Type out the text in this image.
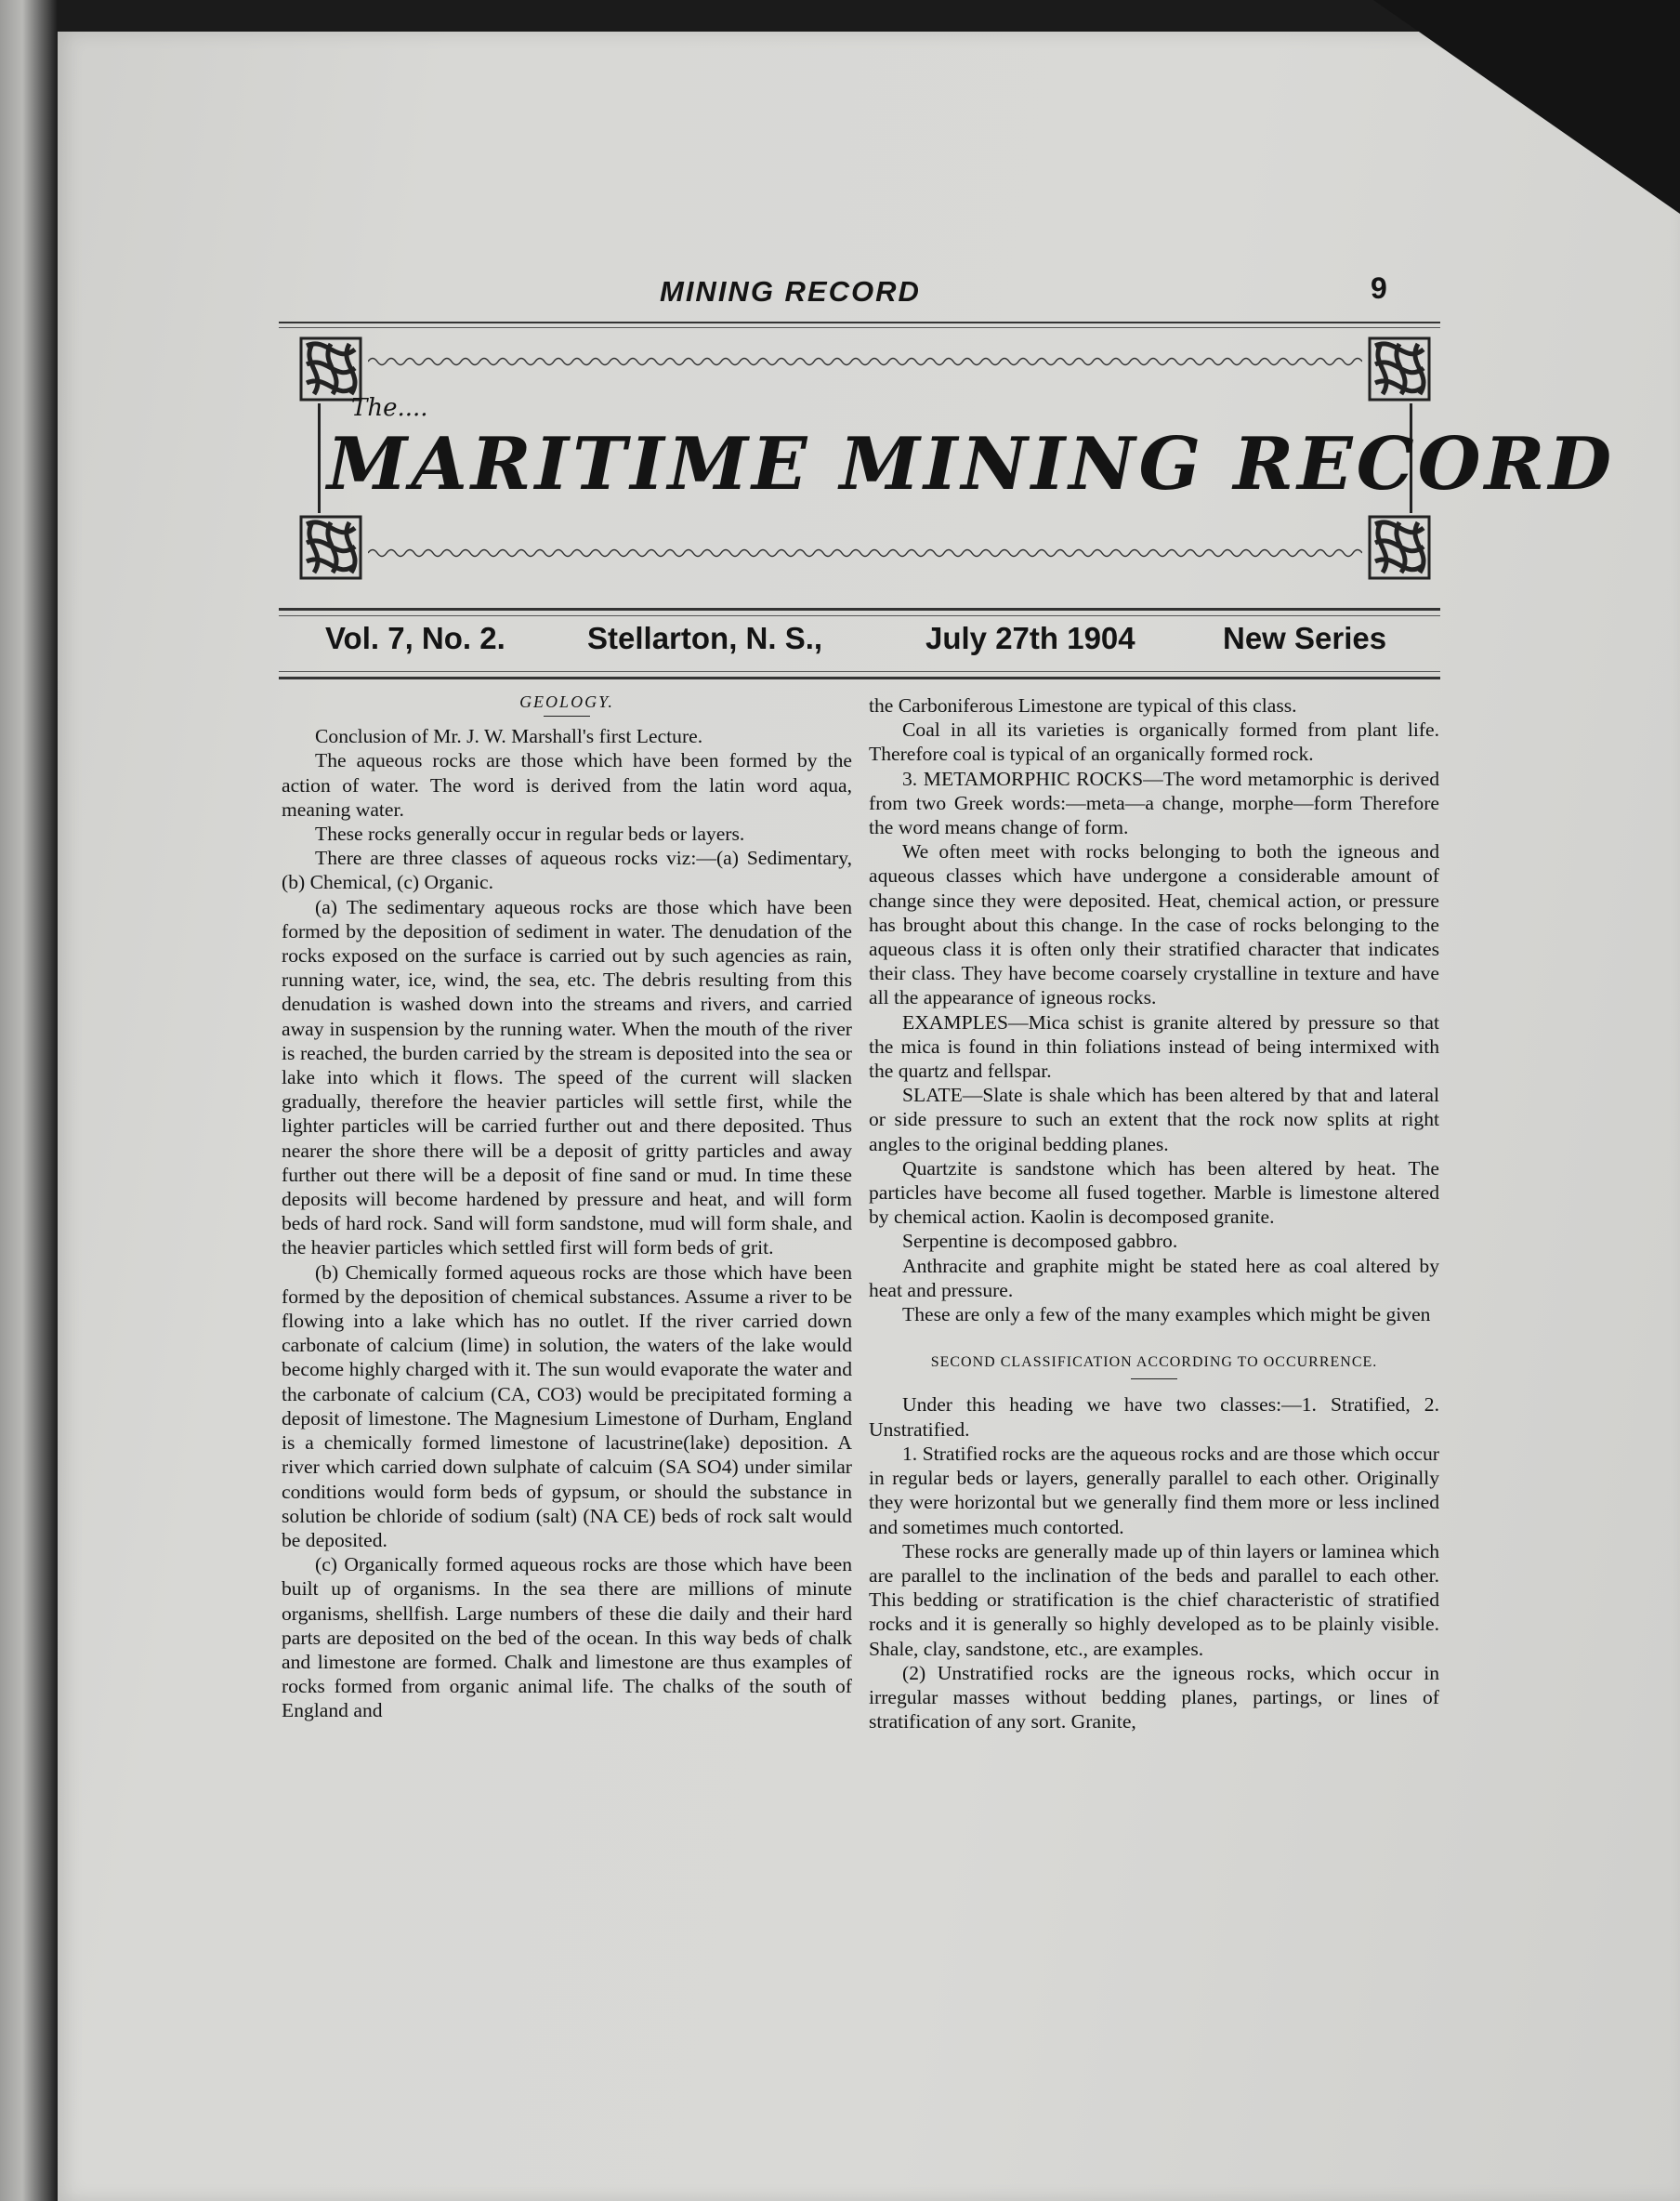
MINING RECORD	9
The....
MARITIME MINING RECORD
Vol. 7, No. 2.	Stellarton, N. S.,	July 27th 1904	New Series

GEOLOGY.

Conclusion of Mr. J. W. Marshall's first Lecture.

The aqueous rocks are those which have been formed by the action of water. The word is derived from the latin word aqua, meaning water.

These rocks generally occur in regular beds or layers.

There are three classes of aqueous rocks viz:—(a) Sedimentary, (b) Chemical, (c) Organic.

(a) The sedimentary aqueous rocks are those which have been formed by the deposition of sediment in water. The denudation of the rocks exposed on the surface is carried out by such agencies as rain, running water, ice, wind, the sea, etc. The debris resulting from this denudation is washed down into the streams and rivers, and carried away in suspension by the running water. When the mouth of the river is reached, the burden carried by the stream is deposited into the sea or lake into which it flows. The speed of the current will slacken gradually, therefore the heavier particles will settle first, while the lighter particles will be carried further out and there deposited. Thus nearer the shore there will be a deposit of gritty particles and away further out there will be a deposit of fine sand or mud. In time these deposits will become hardened by pressure and heat, and will form beds of hard rock. Sand will form sandstone, mud will form shale, and the heavier particles which settled first will form beds of grit.

(b) Chemically formed aqueous rocks are those which have been formed by the deposition of chemical substances. Assume a river to be flowing into a lake which has no outlet. If the river carried down carbonate of calcium (lime) in solution, the waters of the lake would become highly charged with it. The sun would evaporate the water and the carbonate of calcium (CA, CO3) would be precipitated forming a deposit of limestone. The Magnesium Limestone of Durham, England is a chemically formed limestone of lacustrine(lake) deposition. A river which carried down sulphate of calcuim (SA SO4) under similar conditions would form beds of gypsum, or should the substance in solution be chloride of sodium (salt) (NA CE) beds of rock salt would be deposited.

(c) Organically formed aqueous rocks are those which have been built up of organisms. In the sea there are millions of minute organisms, shellfish. Large numbers of these die daily and their hard parts are deposited on the bed of the ocean. In this way beds of chalk and limestone are formed. Chalk and limestone are thus examples of rocks formed from organic animal life. The chalks of the south of England and

the Carboniferous Limestone are typical of this class.

Coal in all its varieties is organically formed from plant life. Therefore coal is typical of an organically formed rock.

3. METAMORPHIC ROCKS—The word metamorphic is derived from two Greek words:—meta—a change, morphe—form Therefore the word means change of form.

We often meet with rocks belonging to both the igneous and aqueous classes which have undergone a considerable amount of change since they were deposited. Heat, chemical action, or pressure has brought about this change. In the case of rocks belonging to the aqueous class it is often only their stratified character that indicates their class. They have become coarsely crystalline in texture and have all the appearance of igneous rocks.

EXAMPLES—Mica schist is granite altered by pressure so that the mica is found in thin foliations instead of being intermixed with the quartz and fellspar.

SLATE—Slate is shale which has been altered by that and lateral or side pressure to such an extent that the rock now splits at right angles to the original bedding planes.

Quartzite is sandstone which has been altered by heat. The particles have become all fused together. Marble is limestone altered by chemical action. Kaolin is decomposed granite.

Serpentine is decomposed gabbro.

Anthracite and graphite might be stated here as coal altered by heat and pressure.

These are only a few of the many examples which might be given

SECOND CLASSIFICATION ACCORDING TO OCCURRENCE.

Under this heading we have two classes:—1. Stratified, 2. Unstratified.

1. Stratified rocks are the aqueous rocks and are those which occur in regular beds or layers, generally parallel to each other. Originally they were horizontal but we generally find them more or less inclined and sometimes much contorted.

These rocks are generally made up of thin layers or laminea which are parallel to the inclination of the beds and parallel to each other. This bedding or stratification is the chief characteristic of stratified rocks and it is generally so highly developed as to be plainly visible. Shale, clay, sandstone, etc., are examples.

(2) Unstratified rocks are the igneous rocks, which occur in irregular masses without bedding planes, partings, or lines of stratification of any sort. Granite,
